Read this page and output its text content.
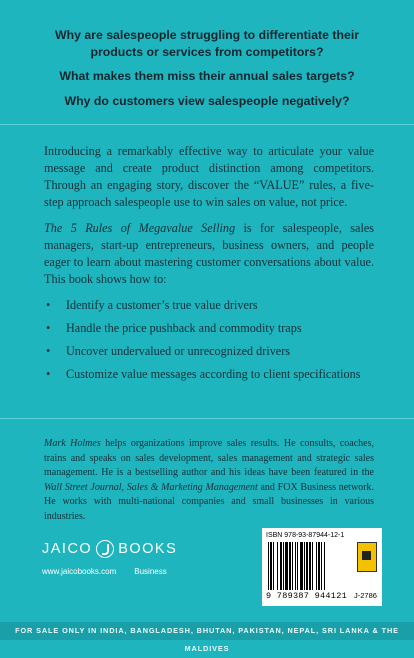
Why are salespeople struggling to differentiate their products or services from competitors?

What makes them miss their annual sales targets?

Why do customers view salespeople negatively?

Introducing a remarkably effective way to articulate your value message and create product distinction among competitors. Through an engaging story, discover the “VALUE” rules, a five-step approach salespeople use to win sales on value, not price.

The 5 Rules of Megavalue Selling is for salespeople, sales managers, start-up entrepreneurs, business owners, and people eager to learn about mastering customer conversations about value. This book shows how to:

• Identify a customer’s true value drivers
• Handle the price pushback and commodity traps
• Uncover undervalued or unrecognized drivers
• Customize value messages according to client specifications

Mark Holmes helps organizations improve sales results. He consults, coaches, trains and speaks on sales development, sales management and strategic sales management. He is a bestselling author and his ideas have been featured in the Wall Street Journal, Sales & Marketing Management and FOX Business network. He works with multi-national companies and small businesses in various industries.

JAICO BOOKS
www.jaicobooks.com Business
ISBN 978-93-87944-12-1
9 789387 944121 J-2786
FOR SALE ONLY IN INDIA, BANGLADESH, BHUTAN, PAKISTAN, NEPAL, SRI LANKA & THE MALDIVES
